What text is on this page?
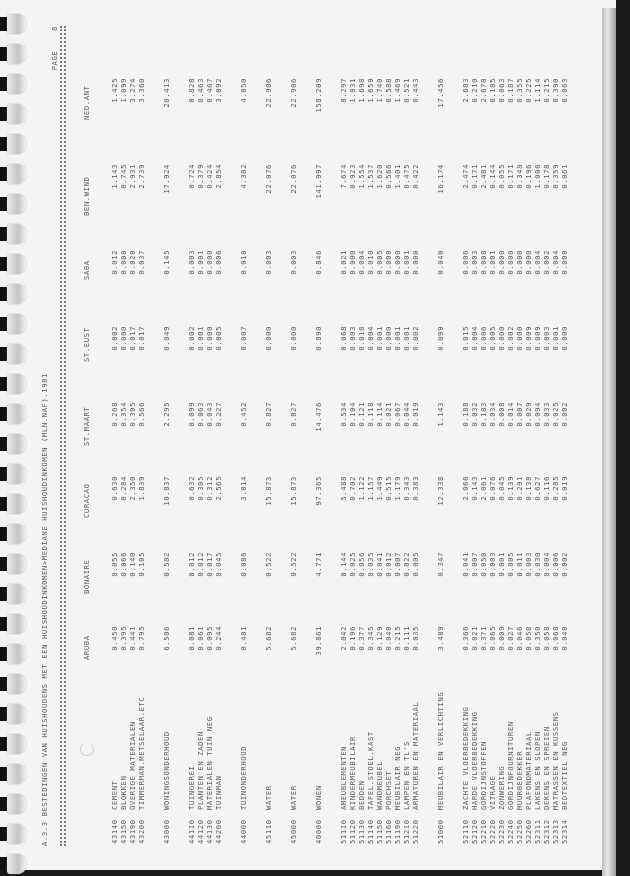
A.3.3 BESTEDINGEN VAN HUISHOUDENS MET EEN HUISHOUDINKOMEN>MEDIANE HUISHOUDINKOMEN (MLN.NAF).1981
PAGE    8
ARUBA
BONAIRE
CURACAO
ST.MAART
ST.EUST
SABA
BEN.WIND
NED.ANT
43140
CEMENT
0.450
0.055
0.630
0.268
0.002
0.012
1.143
1.425
43150
BLOKKEN
0.395
0.066
0.284
0.354
0.000
0.000
0.745
1.099
43190
OVERIGE MATERIALEN
0.441
0.140
2.350
0.305
0.017
0.020
2.931
3.274
43200
TIMMERMAN.METSELAAR.ETC
0.795
0.105
1.839
0.566
0.017
0.037
2.739
3.360
43000
WONINGSONDERHOUD
6.506
0.582
10.837
2.295
0.049
0.145
17.924
20.413
44110
TUINGEREI
0.081
0.012
0.632
0.099
0.002
0.003
0.724
0.828
44120
PLANTEN EN ZADEN
0.061
0.012
0.305
0.063
0.001
0.001
0.379
0.463
44130
MATERIALEN TUIN NEG
0.095
0.017
0.312
0.043
0.000
0.000
0.424
0.467
44200
TUINMAN
0.244
0.045
2.565
0.227
0.005
0.006
2.854
3.092
44000
TUINONDERHOUD
0.481
0.086
3.814
0.452
0.007
0.010
4.382
4.850
45110
WATER
5.682
0.522
15.873
0.827
0.000
0.003
22.076
22.906
45000
WATER
5.682
0.522
15.873
0.827
0.000
0.003
22.076
22.906
40000
WONEN
39.861
4.771
97.365
14.476
0.890
0.846
141.997
158.209
51110
AMEUBLEMENTEN
2.042
0.144
5.488
0.534
0.068
0.021
7.674
8.297
51120
KINDERMEUBILAIR
0.196
0.025
0.702
0.104
0.003
0.000
0.923
1.031
51130
BEDDEN
0.377
0.056
1.122
0.121
0.018
0.004
1.554
1.698
51140
TAFEL.STOEL.KAST
0.345
0.035
1.157
0.118
0.004
0.010
1.537
1.659
51150
WANDMEUBEL
0.129
0.041
1.449
0.114
0.001
0.005
1.620
1.740
51160
PORCHSET
0.040
0.012
0.515
0.021
0.000
0.000
0.566
0.588
51190
MEUBILAIR NEG
0.215
0.007
1.179
0.067
0.001
0.000
1.401
1.469
51210
LAMPEN EN TL'S
0.111
0.022
0.343
0.044
0.001
0.001
0.475
0.521
51220
ARMATUREN EN MATERIAAL
0.035
0.005
0.383
0.019
0.002
0.000
0.422
0.443
51000
MEUBILAIR EN VERLICHTING
3.489
0.347
12.338
1.143
0.099
0.040
16.174
17.456
52110
ZACHTE VLOERBEDEKKING
0.366
0.041
2.066
0.188
0.015
0.006
2.474
2.683
52120
HARDE VLOERBEDEKKING
0.021
0.007
0.143
0.032
0.004
0.003
0.171
0.210
52210
GORDIJNSTOFFEN
0.371
0.050
2.061
0.183
0.006
0.008
2.481
2.678
52220
VITRAGE
0.065
0.003
0.076
0.034
0.005
0.001
0.144
0.185
52230
ZONWERING
0.009
0.001
0.045
0.008
0.000
0.000
0.055
0.063
52240
GORDIJNFOURNITUREN
0.027
0.005
0.139
0.014
0.002
0.000
0.171
0.187
52250
MUURBEDEKKER
0.046
0.011
0.291
0.007
0.000
0.000
0.348
0.355
52260
PLAFONDMATERIAAL
0.058
0.003
0.138
0.029
0.009
0.000
0.196
0.225
52311
LAKENS EN SLOPEN
0.350
0.030
0.627
0.094
0.009
0.004
1.006
1.114
52312
DEKENS EN SPREIEN
0.058
0.004
0.116
0.033
0.003
0.002
0.178
0.215
52313
MATRASSEN EN KUSSENS
0.068
0.006
0.285
0.025
0.001
0.004
0.359
0.390
52314
BEDTEXTIEL NEG
0.040
0.002
0.019
0.002
0.000
0.000
0.061
0.063
